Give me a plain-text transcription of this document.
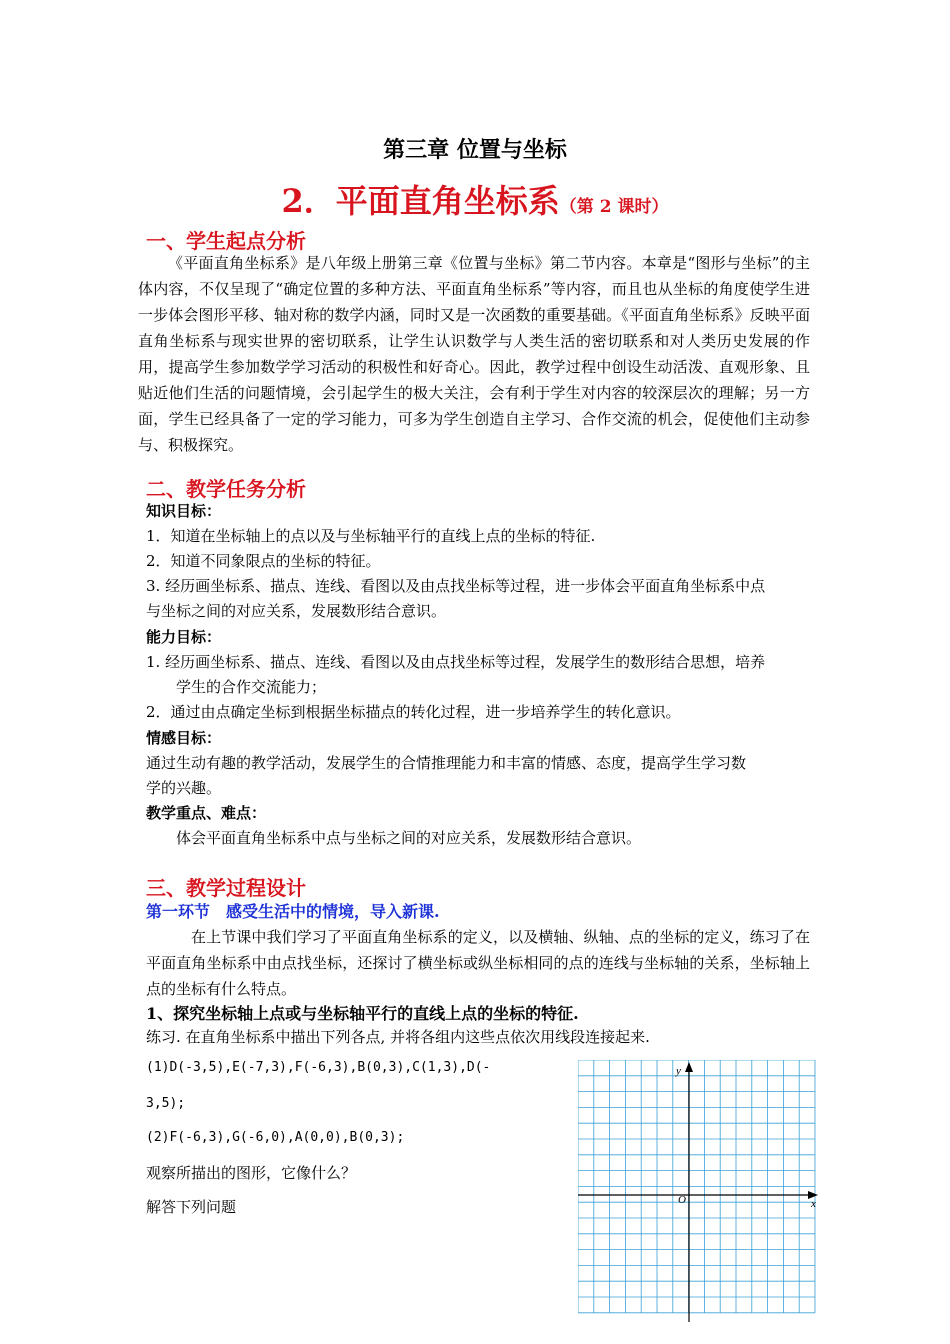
第三章 位置与坐标
2．平面直角坐标系（第 2 课时）
一、学生起点分析
《平面直角坐标系》是八年级上册第三章《位置与坐标》第二节内容。本章是“图形与坐标”的主体内容，不仅呈现了“确定位置的多种方法、平面直角坐标系”等内容，而且也从坐标的角度使学生进一步体会图形平移、轴对称的数学内涵，同时又是一次函数的重要基础。《平面直角坐标系》反映平面直角坐标系与现实世界的密切联系，让学生认识数学与人类生活的密切联系和对人类历史发展的作用，提高学生参加数学学习活动的积极性和好奇心。因此，教学过程中创设生动活泼、直观形象、且贴近他们生活的问题情境，会引起学生的极大关注，会有利于学生对内容的较深层次的理解；另一方面，学生已经具备了一定的学习能力，可多为学生创造自主学习、合作交流的机会，促使他们主动参与、积极探究。
二、教学任务分析
知识目标：
1．知道在坐标轴上的点以及与坐标轴平行的直线上点的坐标的特征.
2．知道不同象限点的坐标的特征。
3. 经历画坐标系、描点、连线、看图以及由点找坐标等过程，进一步体会平面直角坐标系中点
与坐标之间的对应关系，发展数形结合意识。
能力目标：
1. 经历画坐标系、描点、连线、看图以及由点找坐标等过程，发展学生的数形结合思想，培养
学生的合作交流能力；
2．通过由点确定坐标到根据坐标描点的转化过程，进一步培养学生的转化意识。
情感目标：
通过生动有趣的教学活动，发展学生的合情推理能力和丰富的情感、态度，提高学生学习数
学的兴趣。
教学重点、难点：
体会平面直角坐标系中点与坐标之间的对应关系，发展数形结合意识。
三、教学过程设计
第一环节　感受生活中的情境，导入新课.
在上节课中我们学习了平面直角坐标系的定义，以及横轴、纵轴、点的坐标的定义，练习了在平面直角坐标系中由点找坐标，还探讨了横坐标或纵坐标相同的点的连线与坐标轴的关系，坐标轴上点的坐标有什么特点。
1、探究坐标轴上点或与坐标轴平行的直线上点的坐标的特征.
练习. 在直角坐标系中描出下列各点, 并将各组内这些点依次用线段连接起来.
(1)D(-3,5),E(-7,3),F(-6,3),B(0,3),C(1,3),D(-
3,5);
(2)F(-6,3),G(-6,0),A(0,0),B(0,3);
观察所描出的图形，它像什么？
解答下列问题	x
y
O
